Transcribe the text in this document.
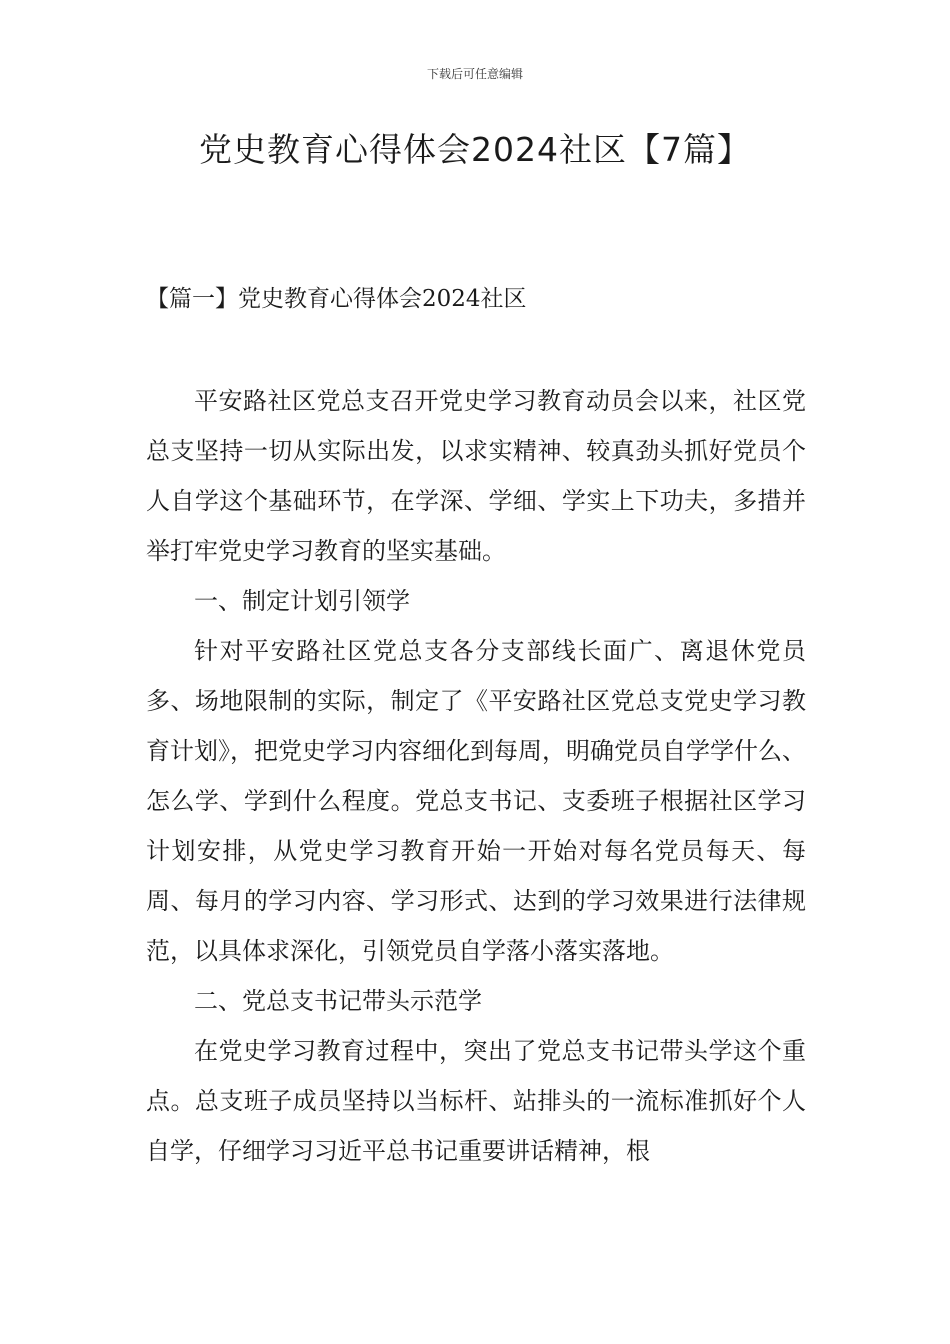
下载后可任意编辑
党史教育心得体会2024社区【7篇】
【篇一】党史教育心得体会2024社区

平安路社区党总支召开党史学习教育动员会以来，社区党总支坚持一切从实际出发，以求实精神、较真劲头抓好党员个人自学这个基础环节，在学深、学细、学实上下功夫，多措并举打牢党史学习教育的坚实基础。

一、制定计划引领学

针对平安路社区党总支各分支部线长面广、离退休党员多、场地限制的实际，制定了《平安路社区党总支党史学习教育计划》，把党史学习内容细化到每周，明确党员自学学什么、怎么学、学到什么程度。党总支书记、支委班子根据社区学习计划安排，从党史学习教育开始一开始对每名党员每天、每周、每月的学习内容、学习形式、达到的学习效果进行法律规范，以具体求深化，引领党员自学落小落实落地。

二、党总支书记带头示范学

在党史学习教育过程中，突出了党总支书记带头学这个重点。总支班子成员坚持以当标杆、站排头的一流标准抓好个人自学，仔细学习习近平总书记重要讲话精神，根
